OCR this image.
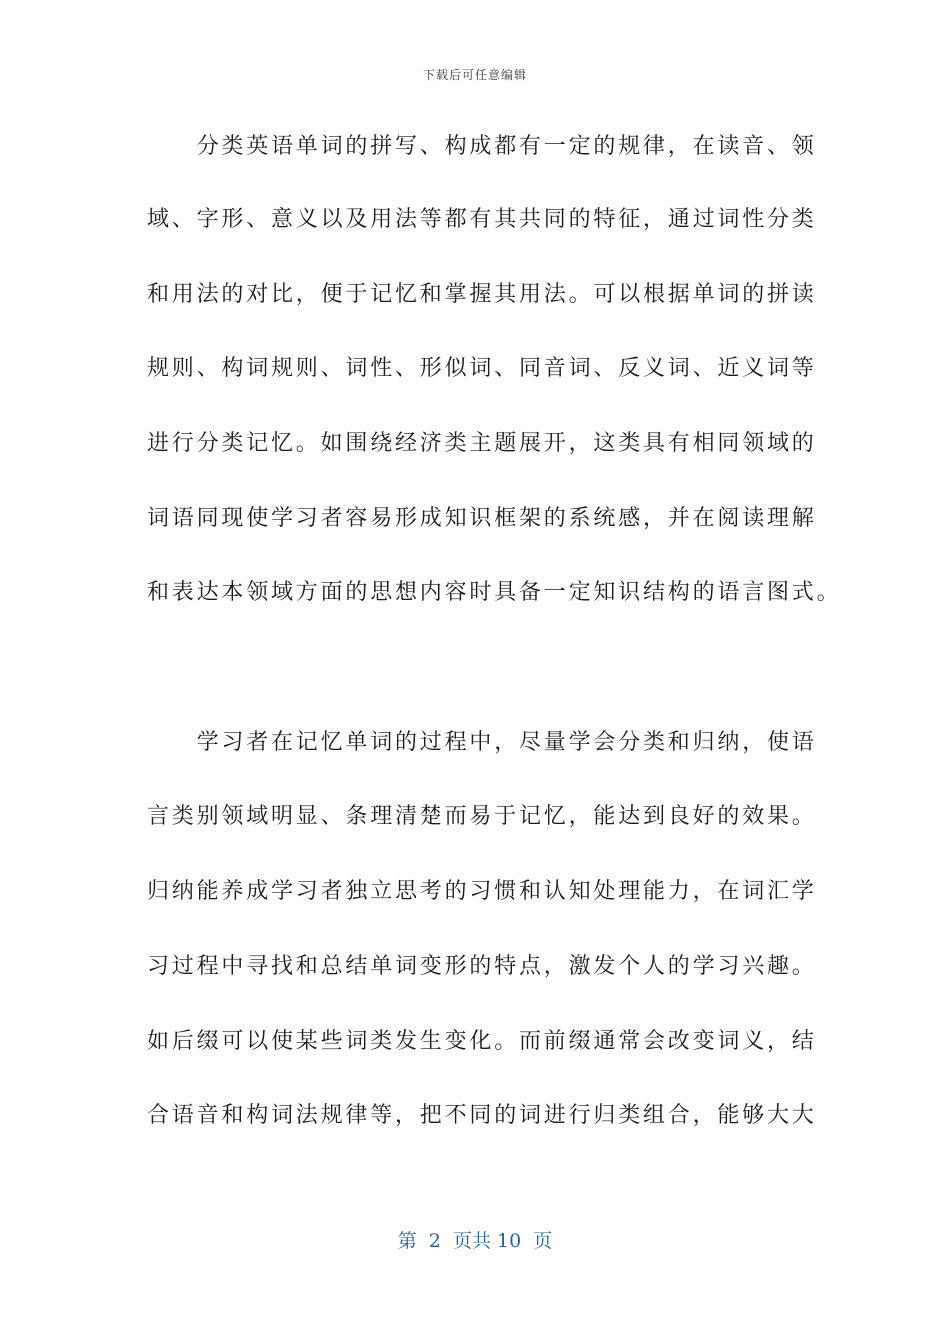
下载后可任意编辑
　　分类英语单词的拼写、构成都有一定的规律，在读音、领
域、字形、意义以及用法等都有其共同的特征，通过词性分类
和用法的对比，便于记忆和掌握其用法。可以根据单词的拼读
规则、构词规则、词性、形似词、同音词、反义词、近义词等
进行分类记忆。如围绕经济类主题展开，这类具有相同领域的
词语同现使学习者容易形成知识框架的系统感，并在阅读理解
和表达本领域方面的思想内容时具备一定知识结构的语言图式。
　　学习者在记忆单词的过程中，尽量学会分类和归纳，使语
言类别领域明显、条理清楚而易于记忆，能达到良好的效果。
归纳能养成学习者独立思考的习惯和认知处理能力，在词汇学
习过程中寻找和总结单词变形的特点，激发个人的学习兴趣。
如后缀可以使某些词类发生变化。而前缀通常会改变词义，结
合语音和构词法规律等，把不同的词进行归类组合，能够大大
第  2  页共 10  页
